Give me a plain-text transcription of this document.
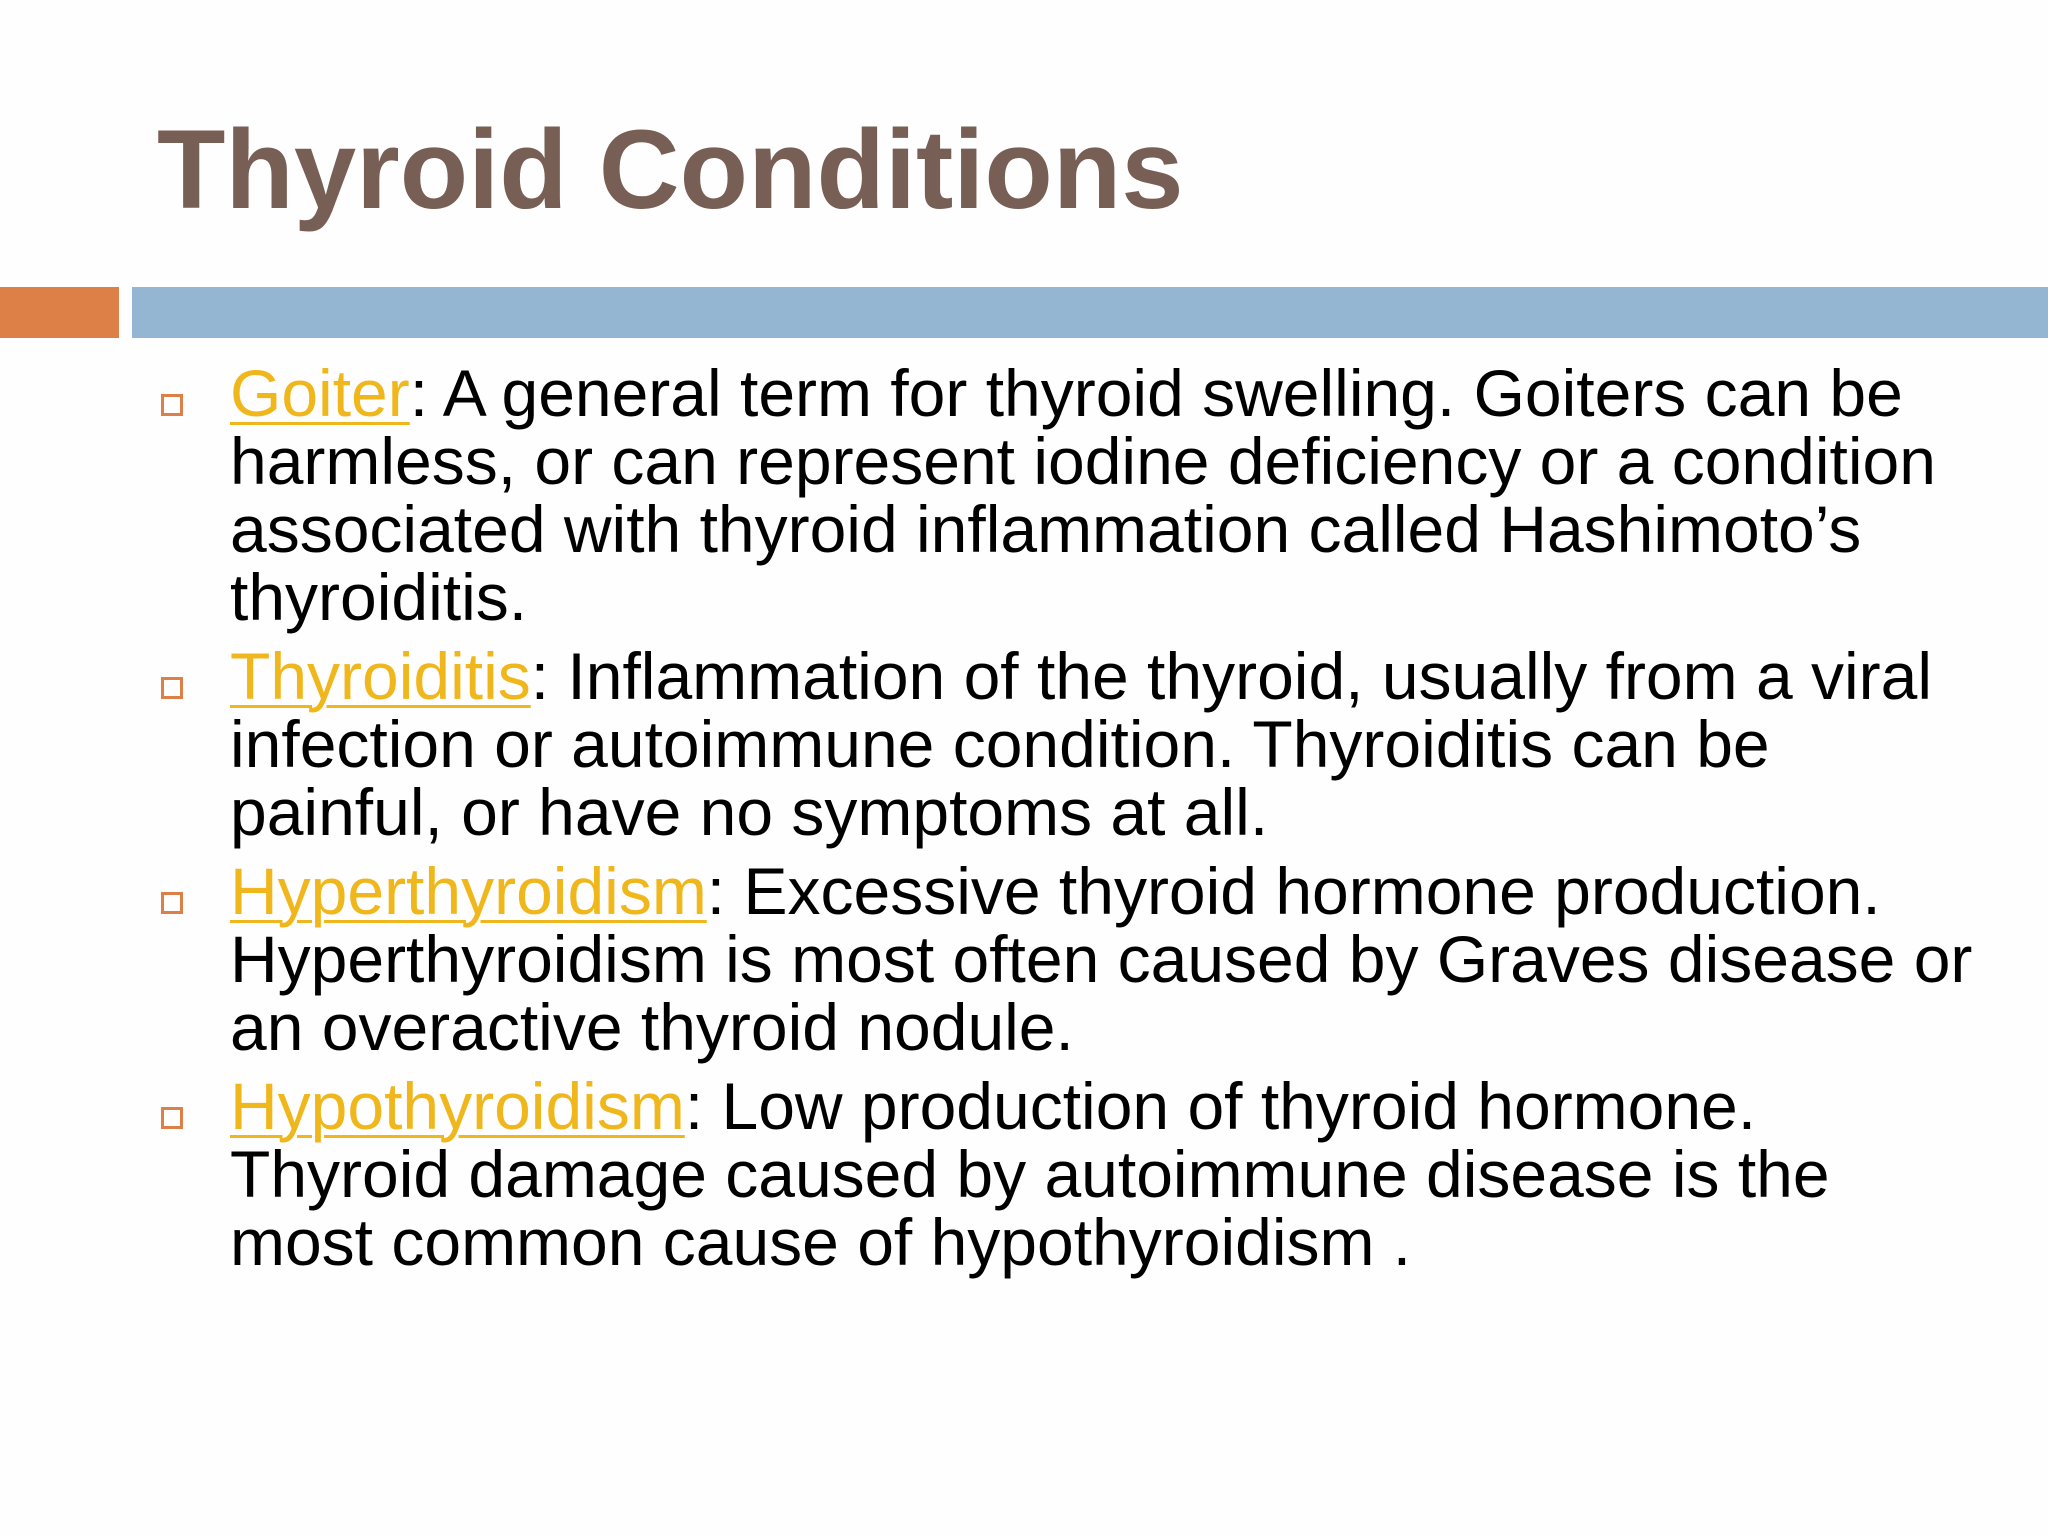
Thyroid Conditions
Goiter: A general term for thyroid swelling. Goiters can be harmless, or can represent iodine deficiency or a condition associated with thyroid inflammation called Hashimoto’s thyroiditis.
Thyroiditis: Inflammation of the thyroid, usually from a viral infection or autoimmune condition. Thyroiditis can be painful, or have no symptoms at all.
Hyperthyroidism: Excessive thyroid hormone production. Hyperthyroidism is most often caused by Graves disease or an overactive thyroid nodule.
Hypothyroidism: Low production of thyroid hormone. Thyroid damage caused by autoimmune disease is the most common cause of hypothyroidism .
